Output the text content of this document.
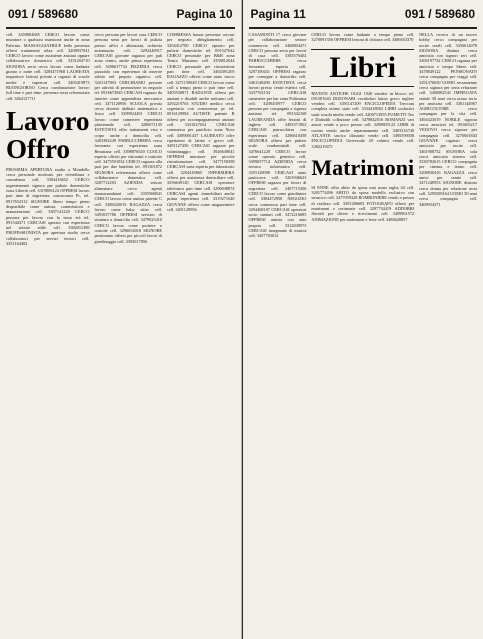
091 / 589680	Pagina 10

cell. 3459804685 CERCO lavoro come muratore o qualsiasi mansione anche in zona Palermo. MASSAGGIATRICE bella presenza offresi trattamenti relax cell. 3208837041 CERCO lavoro come assistente anziani oppure collaboratrice domestica cell. 3331204710 SIGNORA seria cerca lavoro come badante giorno o notte cell. 3283471968 LAUREATA impartisce lezioni private a ragazzi di scuole medie e superiori cell. 3405419873 BUONGIORNO Cerca combinazione lavoro full time e part time, presenza seria referenziata cell. 3464127711

Lavoro Offro

PROSSIMA APERTURA studio a Mondello cerca personale motivato per rivenditura e consulenza cell. 3394416652 CERCO urgentemente signora per pulizie domestiche zona Libertà cell. 3319006124 OFFRESI lavoro part time di segreteria, conoscenza Pc, tel. 0917652312 SIGNORE libero tempo pieno disponibile come autista, commissioni e manutenzione cell. 3387141229 CERCO persona per lavoro con la terza età tel. 091544371 CERCASI operaio con esperienza nel settore edile cell. 3382011498 PROFESSIONISTA per apertura studio cerca collaboratori per servizi tecnici cell. 3351164402

cerco persona per lavori casa CERCO persona seria per lavori di pulizia presso uffici e abitazioni, richiesta automunita cell. 3292240917 CERCASI giovane ragazza per pub zona centro, anche prima esperienza cell. 3496617734 PIZZERIA cerca pizzaiolo con esperienza da inserire subito nel proprio organico cell. 3201147983 CERCHIAMO persone per attività di promozione in negozio tel. 0916673845 CERCASI ragazzo da inserire come apprendista meccanico cell. 3471120956 SCUOLA privata cerca docenti abilitati matematica e fisica cell. 3389924401 CERCO lavoro come cameriere esperienza pluriennale cell. 3280071135 ESTETISTA offro trattamenti viso e corpo anche a domicilio cell. 3403382249 PARRUCCHIERA cerca lavorante con esperienza zona Resuttana cell. 3398876520 CUOCO esperto offresi per ristoranti e trattorie cell. 3475591034 CERCO ragazza alla pari per due bambini tel. 091301872 SIGNORA referenziata offresi come collaboratrice domestica cell. 3287712203 AZIENDA settore alimentare cerca agenti monomandatari cell. 3355568841 CERCO lavoro come autista patente C cell. 3388420019 RAGAZZA cerca lavoro come baby sitter cell. 3491037786 OFFRESI servizio di stiratura a domicilio cell. 3479923410 CERCO lavoro come portiere o custode cell. 3296654018 SIGNORE pensionato offresi per piccoli lavori di giardinaggio cell. 3393017856

COMMESSA buona presenza cercasi per negozio abbigliamento cell. 3204412780 CERCO operaio per pulizie domestiche tel. 091527642 CERCO personale per B&B zona Teatro Massimo cell. 3358812044 CERCO personale per ristorazione part time cell. 3463391205 RAGAZZO offresi come aiuto cuoco cell. 3271158849 CERCO lavoro come colf a tempo pieno o part time cell. 3405530871 BADANTE offresi per anziani e disabili anche notturno cell. 3292219763 STUDIO medico cerca segretaria con conoscenza pc tel. 0916129984 AUTISTE patente B offresi per accompagnamento anziani cell. 3331027654 CERCASI commessa per panificio zona Noce cell. 3389001437 LAUREATO offre ripetizioni di latino e greco cell. 3481127450 CERCASI ragazze per volantinaggio cell. 3926630041 OFFRESI muratore per piccole ristrutturazioni cell. 3477150398 CERCASI sarta esperta per laboratorio cell. 3204418865 INFERMIERA offresi per assistenza domiciliare cell. 3356649120 CERCASI operatore telefonico part time cell. 3290038874 CERCASI agenti immobiliari anche prima esperienza cell. 3319271640 GIOVANE offresi come magazziniere cell. 3401128956

Pagina 11	091 / 589680

CASAMONTI 17 cerca giovane per collaborazione settore commercio cell. 3468804471 CERCO persona seria per lavori di casa cell. 3385576402 PARRUCCHIERE cerca lavorante esperta cell. 3297100431 OFFRESI ragazzo per consegne a domicilio cell. 3461148290 ESTETISTA cerca lavoro presso centri estetici cell. 3337702154 CERCASI cameriere per bar zona Politeama cell. 3208410977 CERCO persona per compagnia a signora anziana tel. 091342168 LAUREANDA offre lezioni di inglese cell. 3493371802 CERCASI parrucchiera con esperienza cell. 3286610458 SIGNORA offresi per pulizie scale condominiali cell. 3476641228 CERCO lavoro come operaio generico cell. 3399057714 AZIENDA cerca tecnico informatico cell. 3355128090 CERCASI aiuto pasticcere cell. 3201946623 OFFRESI ragazza per lavori di segreteria cell. 3407715306 CERCO lavoro come giardiniere cell. 3384472958 NEGOZIO cerca commessa part time cell. 3294468107 CERCASI operatori socio sanitari cell. 3472216685 OFFRESI autista con auto propria cell. 3312049973 CERCASI insegnante di musica cell. 3457783012

CERCO lavoro come badante a tempo pieno cell. 3270091356 OFFRESI lezioni di chitarra cell. 3486653370

Libri

RIVISTE ANTICHE OGGI 1940 vendesi in blocco tel. 091581643 DIZIONARI vocabolari latino greco inglese vendesi cell. 3391147209 ENCICLOPEDIA Treccani completa ottimo stato cell. 3334418802 LIBRI scolastici usati scuola media vendo cell. 3206713955 FUMETTI Tex e Diabolik collezione cell. 3478842016 ROMANZI vari autori vendo a poco prezzo cell. 3298805122 LIBRI di cucina vendo anche separatamente cell. 3403316740 ATLANTE storico illustrato vendo cell. 3495590038 ENCICLOPEDIA Universale 20 volumi vendo cell. 3382219471

Matrimoni

SI ENNE offro abito da sposa mai usato taglia 44 cell. 3201774496 ABITO da sposa modello esclusivo con strascico cell. 3477059328 BOMBONIERE vendo a prezzo di realizzo cell. 3391286605 FOTOGRAFO offresi per matrimoni e cerimonie cell. 3297734419 ADDOBBI floreali per chiese e ricevimenti cell. 3409961572 ANIMAZIONE per matrimoni e feste cell. 3486620837

NELLA ricerca di un nuovo hobby cerco compagnia per uscite serali cell. 3356614078 SIGNORA distinta cerca amicizia con signori seri cell. 3206197734 CERCO ragazza per amicizia e tempo libero cell. 3478849122 PENSIONATO cerca compagna per viaggi cell. 3291376650 UOMO sessantenne cerca signora per seria relazione cell. 3400082541 IMPIEGATA statale 38 anni cerca uomo serio per amicizia cell. 3381144967 AGRICOLTORE cerca compagna per la vita cell. 3494423019 NOBILE signora cerca amicizia tel. 091603217 VEDOVO cerca signora per compagnia cell. 3276601843 GIOVANE ragazzo cerca amicizia per uscite cell. 3461908752 SIGNORA sola cerca amicizia sincera cell. 3330782615 CERCO compagnia per cinema e teatro cell. 3208830416 RAGAZZA cerca amici per serate cell. 3471240953 SIGNORE distinto cerca donna per relazione seria cell. 3295508164 UOMO 50 anni cerca compagna cell. 3409954371
